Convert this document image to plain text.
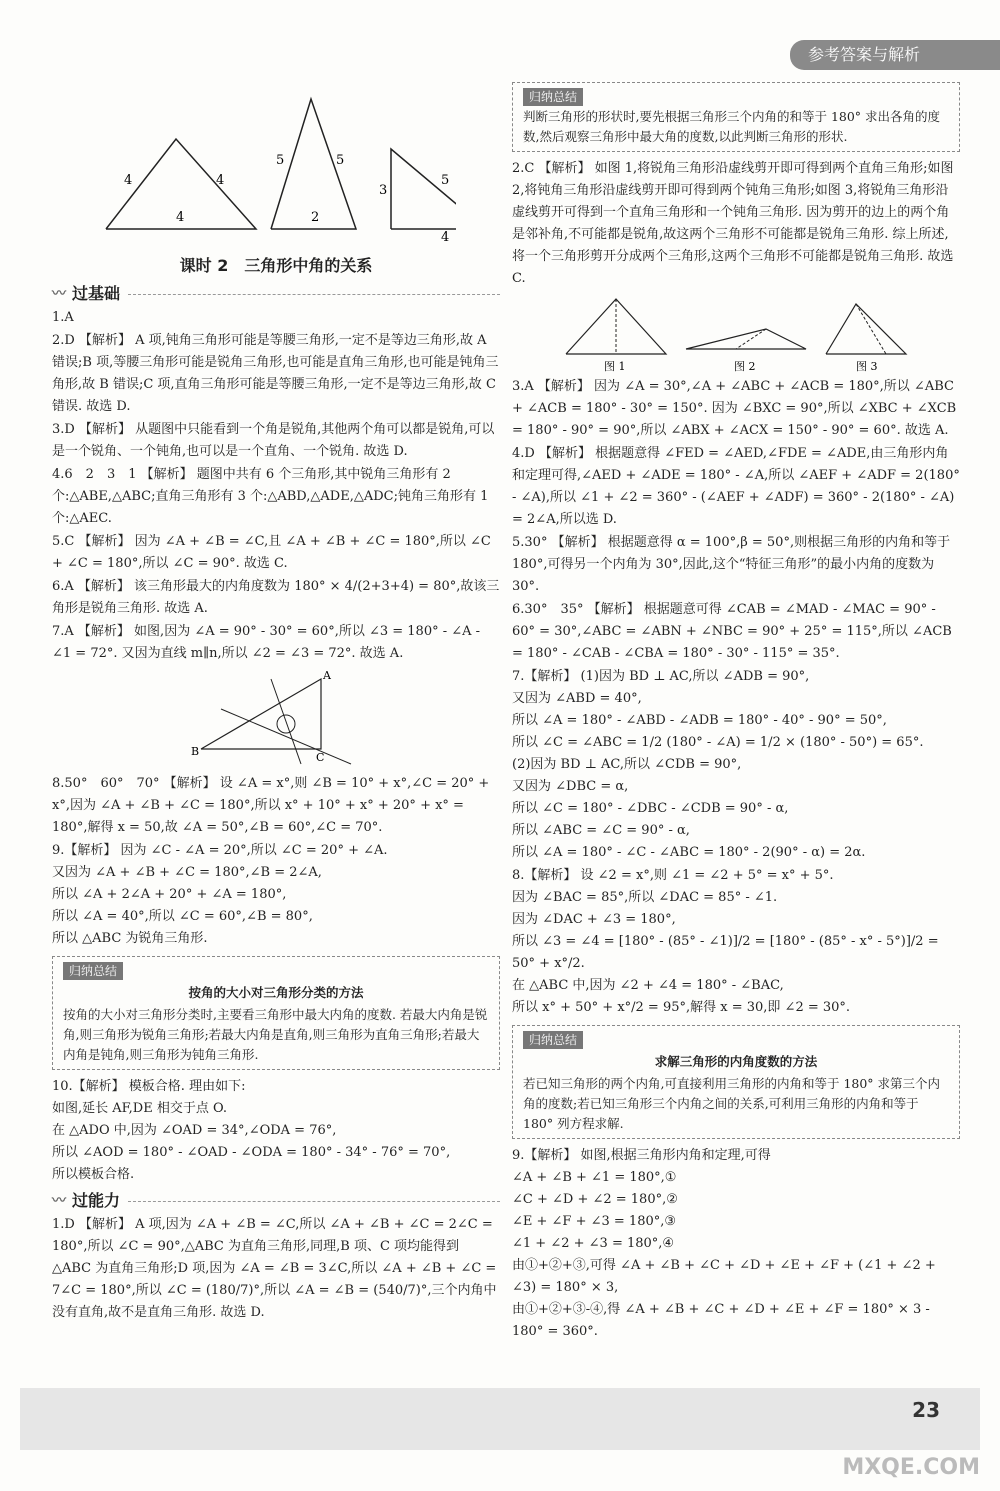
参考答案与解析
4	4
4
5	5
2
3
5
4
课时 2　三角形中角的关系
〰 过基础

1.A

2.D 【解析】 A 项,钝角三角形可能是等腰三角形,一定不是等边三角形,故 A 错误;B 项,等腰三角形可能是锐角三角形,也可能是直角三角形,也可能是钝角三角形,故 B 错误;C 项,直角三角形可能是等腰三角形,一定不是等边三角形,故 C 错误. 故选 D.

3.D 【解析】 从题图中只能看到一个角是锐角,其他两个角可以都是锐角,可以是一个锐角、一个钝角,也可以是一个直角、一个锐角. 故选 D.

4.6　2　3　1 【解析】 题图中共有 6 个三角形,其中锐角三角形有 2 个:△ABE,△ABC;直角三角形有 3 个:△ABD,△ADE,△ADC;钝角三角形有 1 个:△AEC.

5.C 【解析】 因为 ∠A + ∠B = ∠C,且 ∠A + ∠B + ∠C = 180°,所以 ∠C + ∠C = 180°,所以 ∠C = 90°. 故选 C.

6.A 【解析】 该三角形最大的内角度数为 180° × 4/(2+3+4) = 80°,故该三角形是锐角三角形. 故选 A.

7.A 【解析】 如图,因为 ∠A = 90° - 30° = 60°,所以 ∠3 = 180° - ∠A - ∠1 = 72°. 又因为直线 m∥n,所以 ∠2 = ∠3 = 72°. 故选 A.

A
B	C

8.50°　60°　70° 【解析】 设 ∠A = x°,则 ∠B = 10° + x°,∠C = 20° + x°,因为 ∠A + ∠B + ∠C = 180°,所以 x° + 10° + x° + 20° + x° = 180°,解得 x = 50,故 ∠A = 50°,∠B = 60°,∠C = 70°.

9.【解析】 因为 ∠C - ∠A = 20°,所以 ∠C = 20° + ∠A.
又因为 ∠A + ∠B + ∠C = 180°,∠B = 2∠A,
所以 ∠A + 2∠A + 20° + ∠A = 180°,
所以 ∠A = 40°,所以 ∠C = 60°,∠B = 80°,
所以 △ABC 为锐角三角形.

归纳总结
按角的大小对三角形分类的方法
按角的大小对三角形分类时,主要看三角形中最大内角的度数. 若最大内角是锐角,则三角形为锐角三角形;若最大内角是直角,则三角形为直角三角形;若最大内角是钝角,则三角形为钝角三角形.

10.【解析】 模板合格. 理由如下:
如图,延长 AF,DE 相交于点 O.
在 △ADO 中,因为 ∠OAD = 34°,∠ODA = 76°,
所以 ∠AOD = 180° - ∠OAD - ∠ODA = 180° - 34° - 76° = 70°,
所以模板合格.

〰 过能力

1.D 【解析】 A 项,因为 ∠A + ∠B = ∠C,所以 ∠A + ∠B + ∠C = 2∠C = 180°,所以 ∠C = 90°,△ABC 为直角三角形,同理,B 项、C 项均能得到 △ABC 为直角三角形;D 项,因为 ∠A = ∠B = 3∠C,所以 ∠A + ∠B + ∠C = 7∠C = 180°,所以 ∠C = (180/7)°,所以 ∠A = ∠B = (540/7)°,三个内角中没有直角,故不是直角三角形. 故选 D.

归纳总结
判断三角形的形状时,要先根据三角形三个内角的和等于 180° 求出各角的度数,然后观察三角形中最大角的度数,以此判断三角形的形状.

2.C 【解析】 如图 1,将锐角三角形沿虚线剪开即可得到两个直角三角形;如图 2,将钝角三角形沿虚线剪开即可得到两个钝角三角形;如图 3,将锐角三角形沿虚线剪开可得到一个直角三角形和一个钝角三角形. 因为剪开的边上的两个角是邻补角,不可能都是锐角,故这两个三角形不可能都是锐角三角形. 综上所述,将一个三角形剪开分成两个三角形,这两个三角形不可能都是锐角三角形. 故选 C.

图 1	图 2	图 3

3.A 【解析】 因为 ∠A = 30°,∠A + ∠ABC + ∠ACB = 180°,所以 ∠ABC + ∠ACB = 180° - 30° = 150°. 因为 ∠BXC = 90°,所以 ∠XBC + ∠XCB = 180° - 90° = 90°,所以 ∠ABX + ∠ACX = 150° - 90° = 60°. 故选 A.

4.D 【解析】 根据题意得 ∠FED = ∠AED,∠FDE = ∠ADE,由三角形内角和定理可得,∠AED + ∠ADE = 180° - ∠A,所以 ∠AEF + ∠ADF = 2(180° - ∠A),所以 ∠1 + ∠2 = 360° - (∠AEF + ∠ADF) = 360° - 2(180° - ∠A) = 2∠A,所以选 D.

5.30° 【解析】 根据题意得 α = 100°,β = 50°,则根据三角形的内角和等于 180°,可得另一个内角为 30°,因此,这个“特征三角形”的最小内角的度数为 30°.

6.30°　35° 【解析】 根据题意可得 ∠CAB = ∠MAD - ∠MAC = 90° - 60° = 30°,∠ABC = ∠ABN + ∠NBC = 90° + 25° = 115°,所以 ∠ACB = 180° - ∠CAB - ∠CBA = 180° - 30° - 115° = 35°.

7.【解析】 (1)因为 BD ⊥ AC,所以 ∠ADB = 90°,
又因为 ∠ABD = 40°,
所以 ∠A = 180° - ∠ABD - ∠ADB = 180° - 40° - 90° = 50°,
所以 ∠C = ∠ABC = 1/2 (180° - ∠A) = 1/2 × (180° - 50°) = 65°.
(2)因为 BD ⊥ AC,所以 ∠CDB = 90°,
又因为 ∠DBC = α,
所以 ∠C = 180° - ∠DBC - ∠CDB = 90° - α,
所以 ∠ABC = ∠C = 90° - α,
所以 ∠A = 180° - ∠C - ∠ABC = 180° - 2(90° - α) = 2α.

8.【解析】 设 ∠2 = x°,则 ∠1 = ∠2 + 5° = x° + 5°.
因为 ∠BAC = 85°,所以 ∠DAC = 85° - ∠1.
因为 ∠DAC + ∠3 = 180°,
所以 ∠3 = ∠4 = [180° - (85° - ∠1)]/2 = [180° - (85° - x° - 5°)]/2 = 50° + x°/2.
在 △ABC 中,因为 ∠2 + ∠4 = 180° - ∠BAC,
所以 x° + 50° + x°/2 = 95°,解得 x = 30,即 ∠2 = 30°.

归纳总结
求解三角形的内角度数的方法
若已知三角形的两个内角,可直接利用三角形的内角和等于 180° 求第三个内角的度数;若已知三角形三个内角之间的关系,可利用三角形的内角和等于 180° 列方程求解.

9.【解析】 如图,根据三角形内角和定理,可得
∠A + ∠B + ∠1 = 180°,①
∠C + ∠D + ∠2 = 180°,②
∠E + ∠F + ∠3 = 180°,③
∠1 + ∠2 + ∠3 = 180°,④
由①+②+③,可得 ∠A + ∠B + ∠C + ∠D + ∠E + ∠F + (∠1 + ∠2 + ∠3) = 180° × 3,
由①+②+③-④,得 ∠A + ∠B + ∠C + ∠D + ∠E + ∠F = 180° × 3 - 180° = 360°.

23
MXQE.COM
